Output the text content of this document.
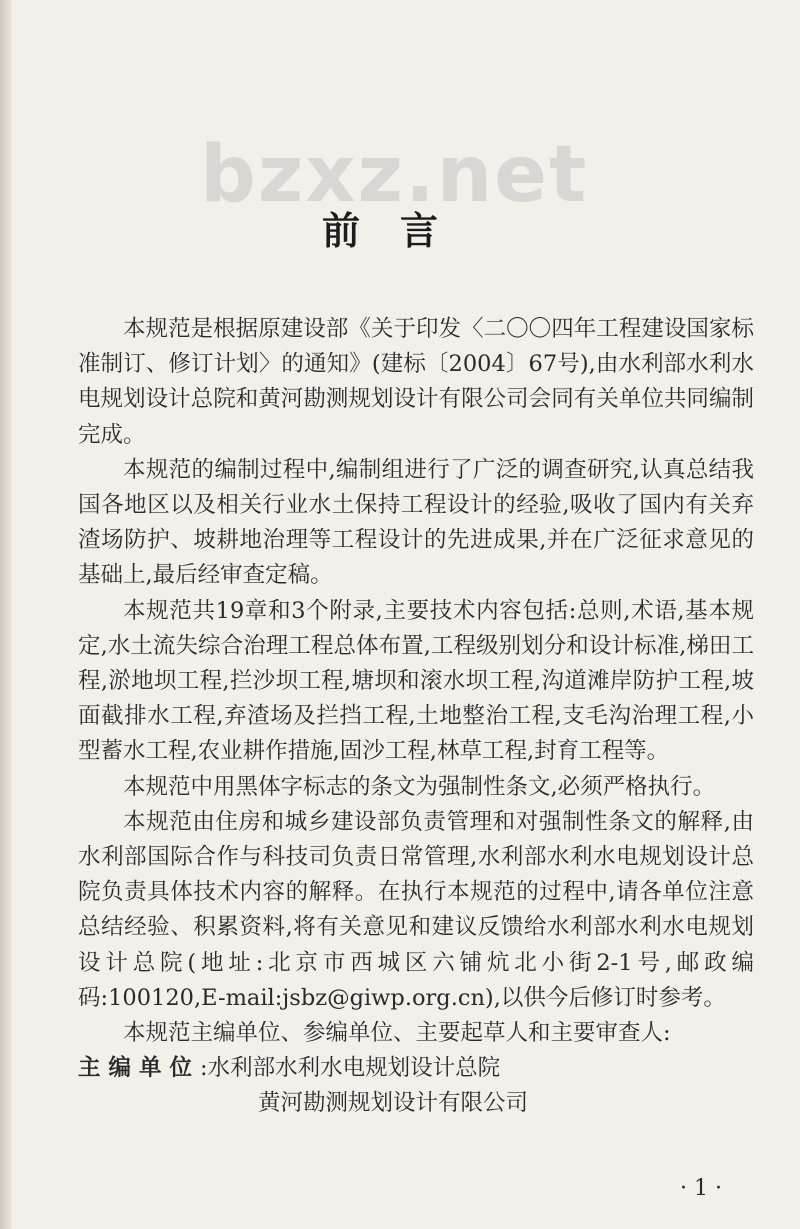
bzxz.net
前言

本规范是根据原建设部《关于印发〈二〇〇四年工程建设国家标准制订、修订计划〉的通知》(建标〔2004〕67号),由水利部水利水电规划设计总院和黄河勘测规划设计有限公司会同有关单位共同编制完成。

本规范的编制过程中,编制组进行了广泛的调查研究,认真总结我国各地区以及相关行业水土保持工程设计的经验,吸收了国内有关弃渣场防护、坡耕地治理等工程设计的先进成果,并在广泛征求意见的基础上,最后经审查定稿。

本规范共19章和3个附录,主要技术内容包括:总则,术语,基本规定,水土流失综合治理工程总体布置,工程级别划分和设计标准,梯田工程,淤地坝工程,拦沙坝工程,塘坝和滚水坝工程,沟道滩岸防护工程,坡面截排水工程,弃渣场及拦挡工程,土地整治工程,支毛沟治理工程,小型蓄水工程,农业耕作措施,固沙工程,林草工程,封育工程等。

本规范中用黑体字标志的条文为强制性条文,必须严格执行。

本规范由住房和城乡建设部负责管理和对强制性条文的解释,由水利部国际合作与科技司负责日常管理,水利部水利水电规划设计总院负责具体技术内容的解释。在执行本规范的过程中,请各单位注意总结经验、积累资料,将有关意见和建议反馈给水利部水利水电规划设计总院(地址:北京市西城区六铺炕北小街2-1号,邮政编码:100120,E-mail:jsbz@giwp.org.cn),以供今后修订时参考。

本规范主编单位、参编单位、主要起草人和主要审查人:

主编单位:水利部水利水电规划设计总院
黄河勘测规划设计有限公司
· 1 ·
